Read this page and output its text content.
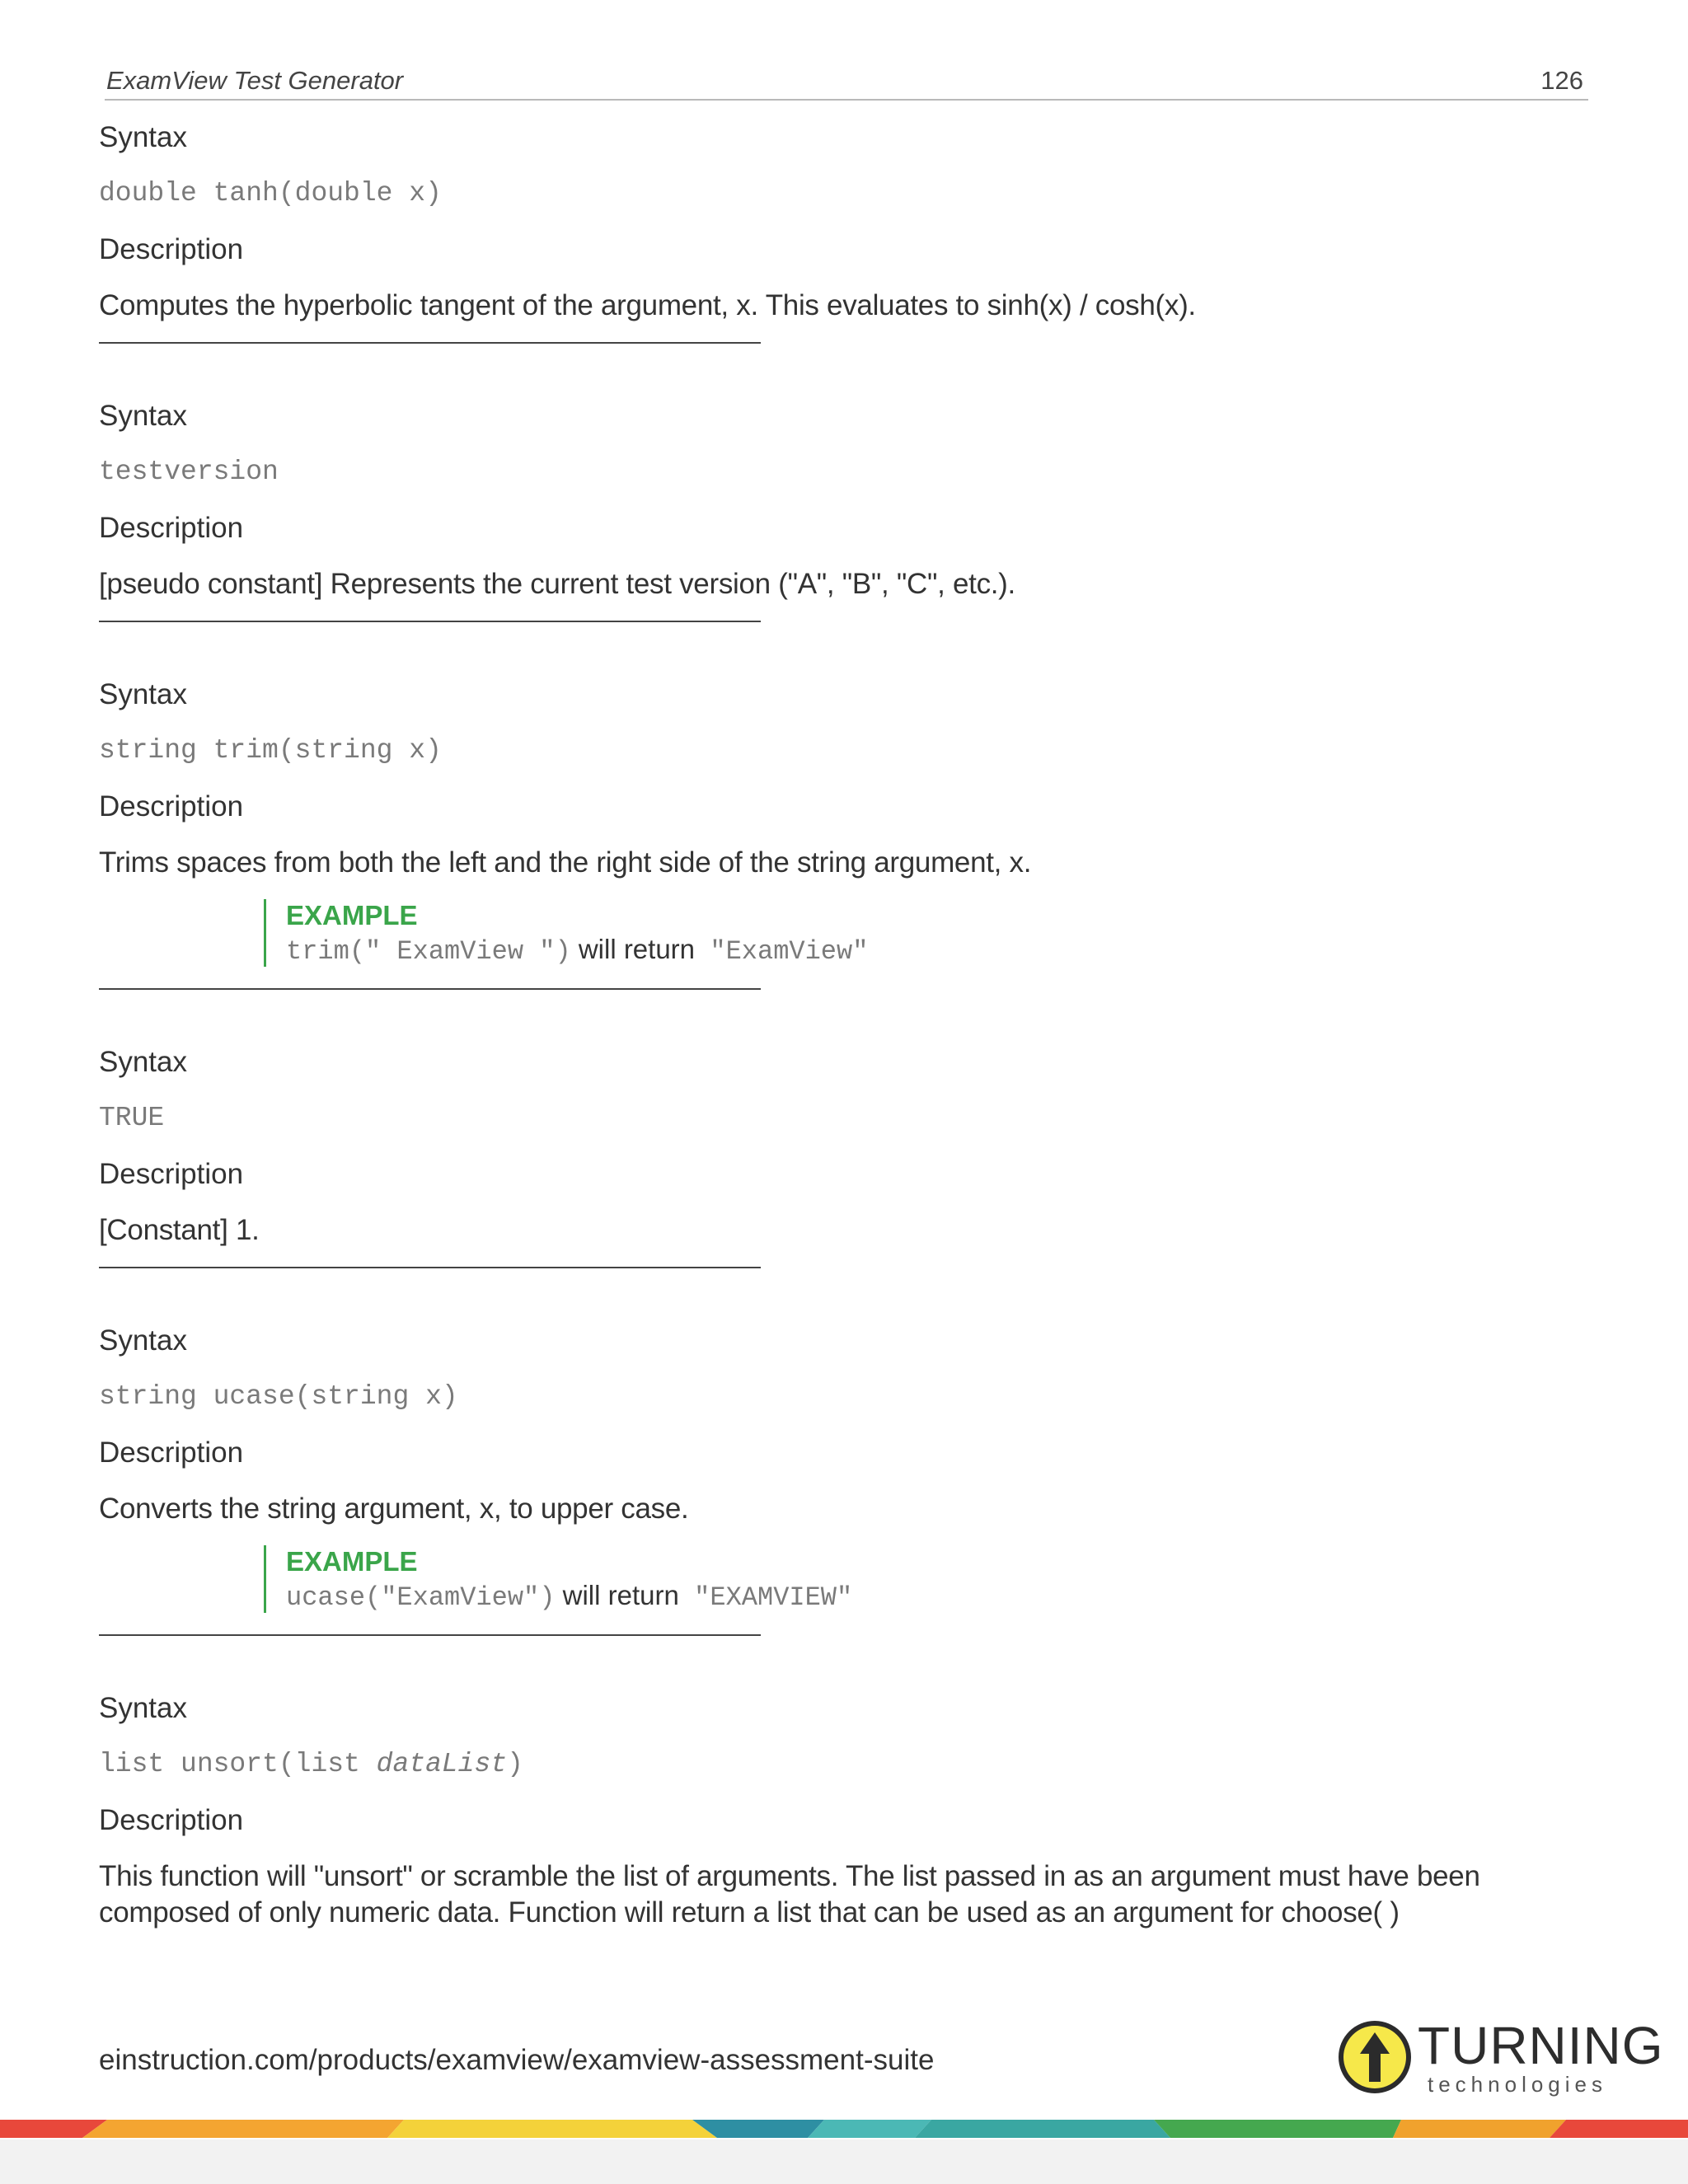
ExamView Test Generator	126
Syntax
double tanh(double x)
Description
Computes the hyperbolic tangent of the argument, x. This evaluates to sinh(x) / cosh(x).
Syntax
testversion
Description
[pseudo constant] Represents the current test version ("A", "B", "C", etc.).
Syntax
string trim(string x)
Description
Trims spaces from both the left and the right side of the string argument, x.
EXAMPLE
trim(" ExamView ") will return  "ExamView"
Syntax
TRUE
Description
[Constant] 1.
Syntax
string ucase(string x)
Description
Converts the string argument, x, to upper case.
EXAMPLE
ucase("ExamView") will return  "EXAMVIEW"
Syntax
list unsort(list dataList)
Description
This function will "unsort" or scramble the list of arguments. The list passed in as an argument must have been composed of only numeric data. Function will return a list that can be used as an argument for choose( )
einstruction.com/products/examview/examview-assessment-suite	TURNING
technologies
